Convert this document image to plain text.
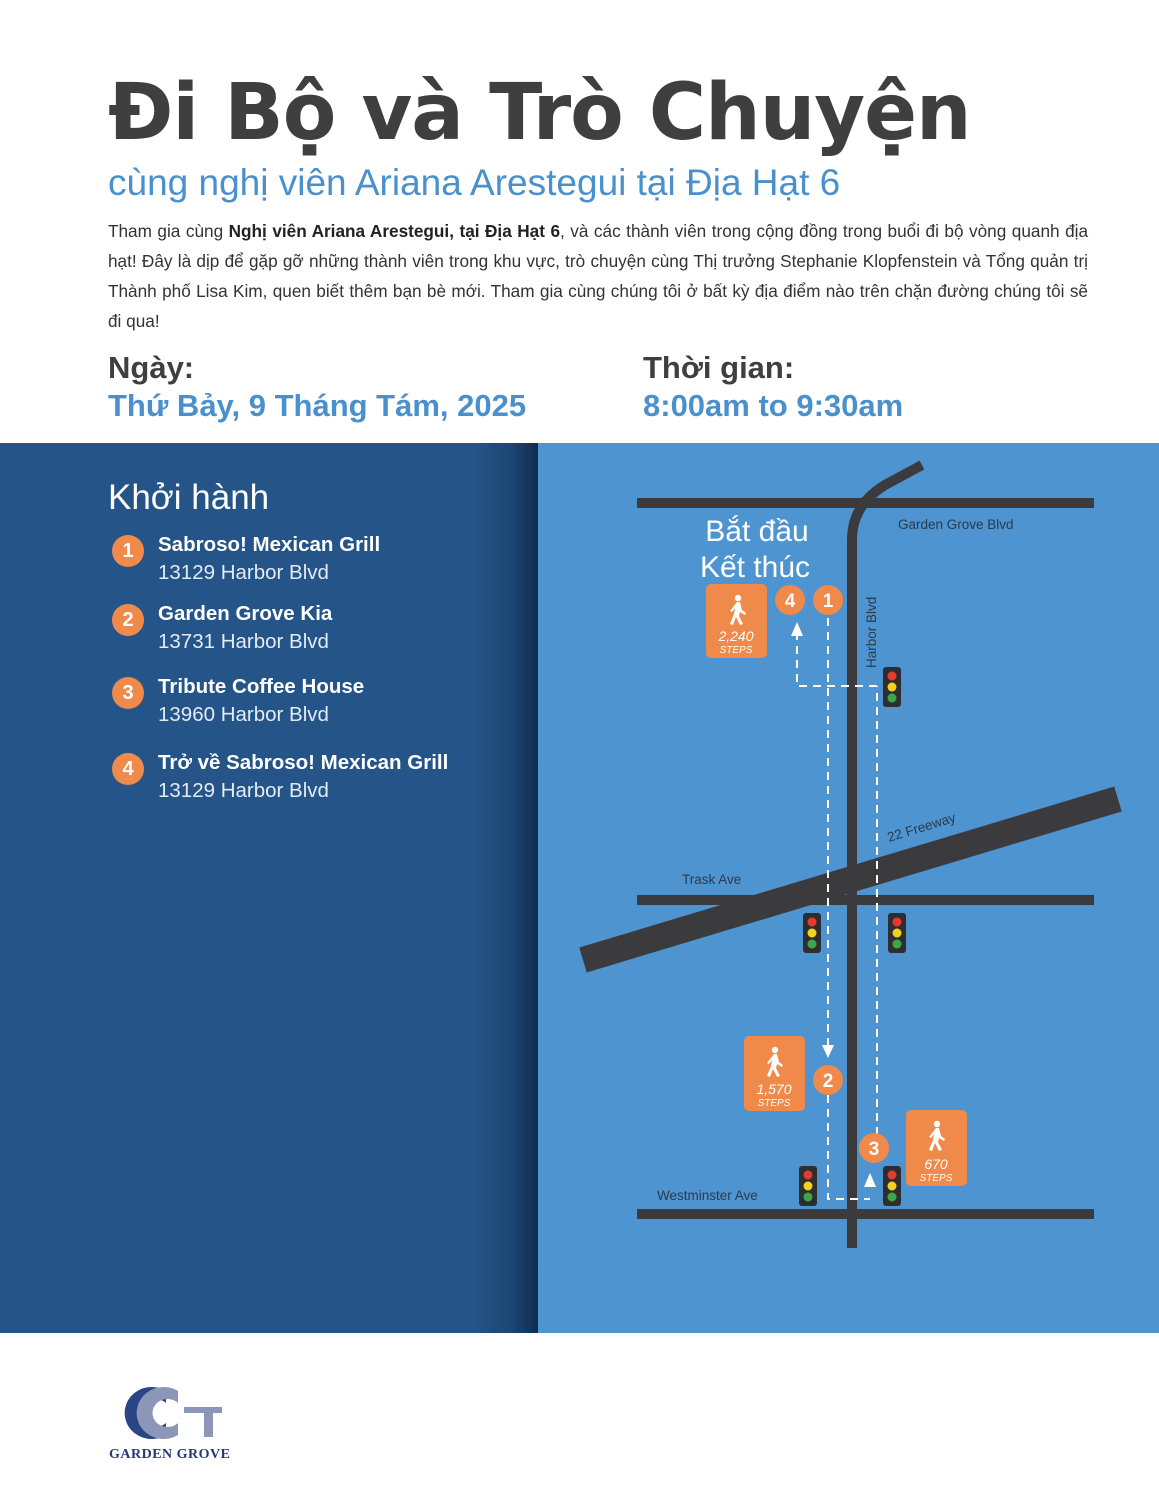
Đi Bộ và Trò Chuyện
cùng nghị viên Ariana Arestegui tại Địa Hạt 6

Tham gia cùng Nghị viên Ariana Arestegui, tại Địa Hạt 6, và các thành viên trong cộng đồng trong buổi đi bộ vòng quanh địa hạt! Đây là dịp để gặp gỡ những thành viên trong khu vực, trò chuyện cùng Thị trưởng Stephanie Klopfenstein và Tổng quản trị Thành phố Lisa Kim, quen biết thêm bạn bè mới. Tham gia cùng chúng tôi ở bất kỳ địa điểm nào trên chặn đường chúng tôi sẽ đi qua!

Ngày:
Thứ Bảy, 9 Tháng Tám, 2025
Thời gian:
8:00am to 9:30am
Khởi hành
1	Sabroso! Mexican Grill
13129 Harbor Blvd
2	Garden Grove Kia
13731 Harbor Blvd
3	Tribute Coffee House
13960 Harbor Blvd
4	Trở về Sabroso! Mexican Grill
13129 Harbor Blvd
Garden Grove Blvd
Harbor Blvd
22 Freeway
Trask Ave
Westminster Ave
Bắt đầu
Kết thúc
4 1
2
3
2,240
STEPS
1,570
STEPS
670
STEPS
GARDEN GROVE
